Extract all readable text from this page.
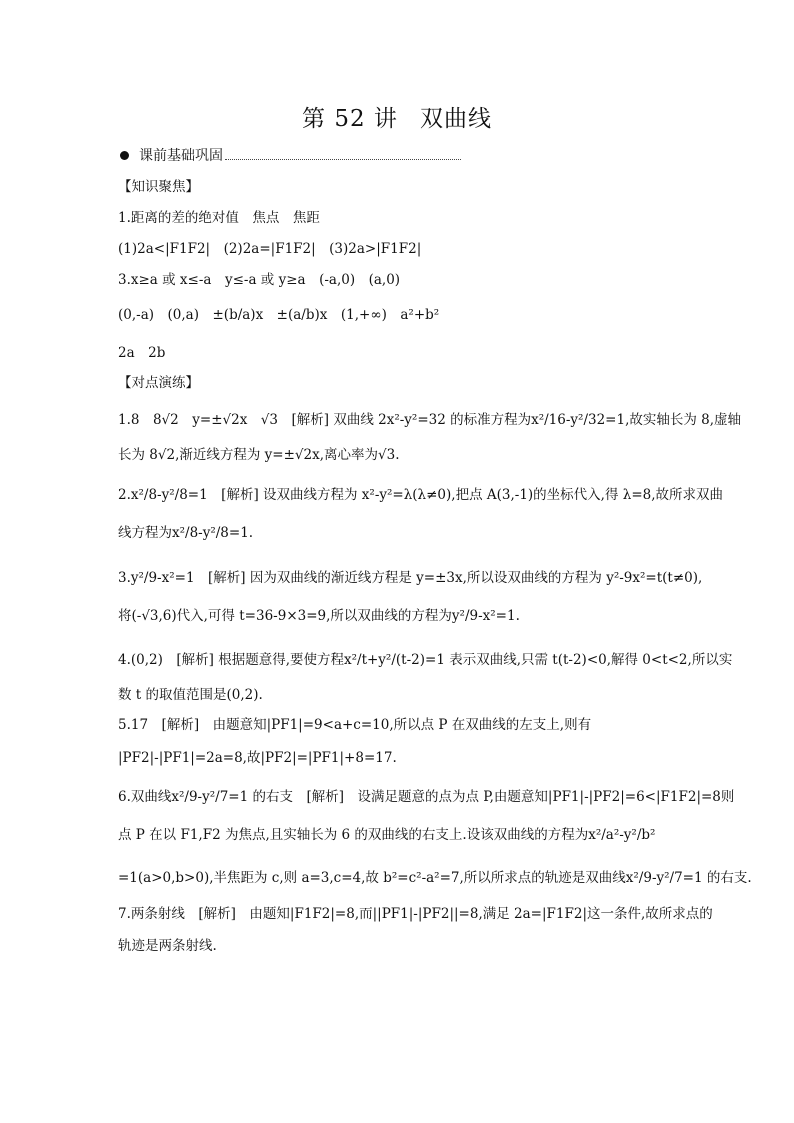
第 52 讲 双曲线
课前基础巩固
【知识聚焦】
1.距离的差的绝对值　焦点　焦距
(1)2a<|F1F2|　(2)2a=|F1F2|　(3)2a>|F1F2|
3.x≥a 或 x≤-a　y≤-a 或 y≥a　(-a,0)　(a,0)
(0,-a)　(0,a)　±(b/a)x　±(a/b)x　(1,+∞)　a²+b²
2a　2b
【对点演练】
1.8　8√2　y=±√2x　√3　[解析] 双曲线 2x²-y²=32 的标准方程为x²/16-y²/32=1,故实轴长为 8,虚轴
长为 8√2,渐近线方程为 y=±√2x,离心率为√3.
2.x²/8-y²/8=1　[解析] 设双曲线方程为 x²-y²=λ(λ≠0),把点 A(3,-1)的坐标代入,得 λ=8,故所求双曲
线方程为x²/8-y²/8=1.
3.y²/9-x²=1　[解析] 因为双曲线的渐近线方程是 y=±3x,所以设双曲线的方程为 y²-9x²=t(t≠0),
将(-√3,6)代入,可得 t=36-9×3=9,所以双曲线的方程为y²/9-x²=1.
4.(0,2)　[解析] 根据题意得,要使方程x²/t+y²/(t-2)=1 表示双曲线,只需 t(t-2)<0,解得 0<t<2,所以实
数 t 的取值范围是(0,2).
5.17　[解析]　由题意知|PF1|=9<a+c=10,所以点 P 在双曲线的左支上,则有
|PF2|-|PF1|=2a=8,故|PF2|=|PF1|+8=17.
6.双曲线x²/9-y²/7=1 的右支　[解析]　设满足题意的点为点 P,由题意知|PF1|-|PF2|=6<|F1F2|=8则
点 P 在以 F1,F2 为焦点,且实轴长为 6 的双曲线的右支上.设该双曲线的方程为x²/a²-y²/b²
=1(a>0,b>0),半焦距为 c,则 a=3,c=4,故 b²=c²-a²=7,所以所求点的轨迹是双曲线x²/9-y²/7=1 的右支.
7.两条射线　[解析]　由题知|F1F2|=8,而||PF1|-|PF2||=8,满足 2a=|F1F2|这一条件,故所求点的
轨迹是两条射线.
